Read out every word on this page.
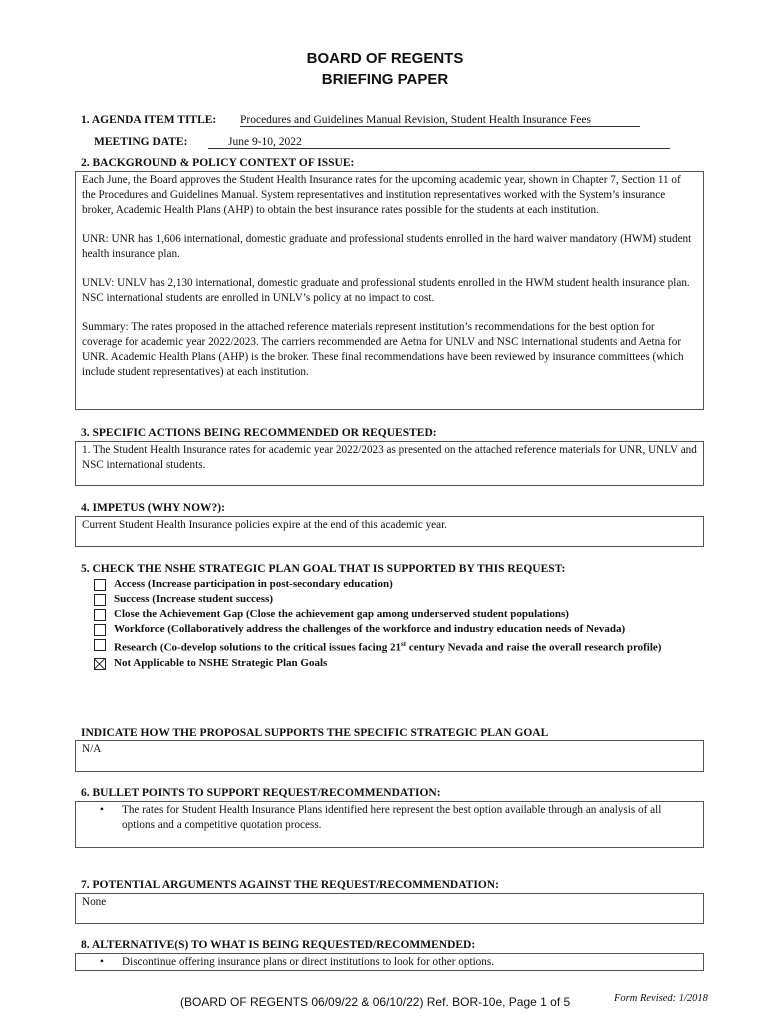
BOARD OF REGENTS
BRIEFING PAPER
1. AGENDA ITEM TITLE: Procedures and Guidelines Manual Revision, Student Health Insurance Fees
MEETING DATE:	June 9-10, 2022
2. BACKGROUND & POLICY CONTEXT OF ISSUE:

Each June, the Board approves the Student Health Insurance rates for the upcoming academic year, shown in Chapter 7, Section 11 of the Procedures and Guidelines Manual. System representatives and institution representatives worked with the System’s insurance broker, Academic Health Plans (AHP) to obtain the best insurance rates possible for the students at each institution.

UNR: UNR has 1,606 international, domestic graduate and professional students enrolled in the hard waiver mandatory (HWM) student health insurance plan.

UNLV: UNLV has 2,130 international, domestic graduate and professional students enrolled in the HWM student health insurance plan. NSC international students are enrolled in UNLV’s policy at no impact to cost.

Summary: The rates proposed in the attached reference materials represent institution’s recommendations for the best option for coverage for academic year 2022/2023. The carriers recommended are Aetna for UNLV and NSC international students and Aetna for UNR. Academic Health Plans (AHP) is the broker. These final recommendations have been reviewed by insurance committees (which include student representatives) at each institution.

3. SPECIFIC ACTIONS BEING RECOMMENDED OR REQUESTED:
1. The Student Health Insurance rates for academic year 2022/2023 as presented on the attached reference materials for UNR, UNLV and NSC international students.
4. IMPETUS (WHY NOW?):
Current Student Health Insurance policies expire at the end of this academic year.
5. CHECK THE NSHE STRATEGIC PLAN GOAL THAT IS SUPPORTED BY THIS REQUEST:
Access (Increase participation in post-secondary education)
Success (Increase student success)
Close the Achievement Gap (Close the achievement gap among underserved student populations)
Workforce (Collaboratively address the challenges of the workforce and industry education needs of Nevada)
Research (Co-develop solutions to the critical issues facing 21st century Nevada and raise the overall research profile)
Not Applicable to NSHE Strategic Plan Goals
INDICATE HOW THE PROPOSAL SUPPORTS THE SPECIFIC STRATEGIC PLAN GOAL
N/A
6. BULLET POINTS TO SUPPORT REQUEST/RECOMMENDATION:
•	The rates for Student Health Insurance Plans identified here represent the best option available through an analysis of all options and a competitive quotation process.
7. POTENTIAL ARGUMENTS AGAINST THE REQUEST/RECOMMENDATION:
None
8. ALTERNATIVE(S) TO WHAT IS BEING REQUESTED/RECOMMENDED:
•	Discontinue offering insurance plans or direct institutions to look for other options.
(BOARD OF REGENTS 06/09/22 & 06/10/22) Ref. BOR-10e, Page 1 of 5	Form Revised: 1/2018
